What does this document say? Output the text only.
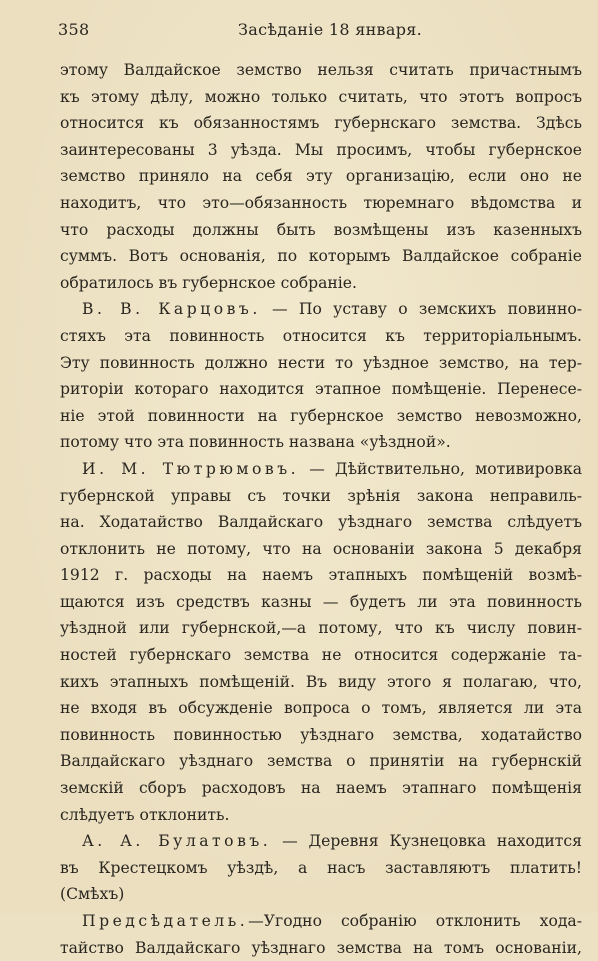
358	Засѣданіе 18 января.
этому Валдайское земство нельзя считать причастнымъ
къ этому дѣлу, можно только считать, что этотъ вопросъ
относится къ обязанностямъ губернскаго земства. Здѣсь
заинтересованы 3 уѣзда. Мы просимъ, чтобы губернское
земство приняло на себя эту организацію, если оно не
находитъ, что это—обязанность тюремнаго вѣдомства и
что расходы должны быть возмѣщены изъ казенныхъ
суммъ. Вотъ основанія, по которымъ Валдайское собраніе
обратилось въ губернское собраніе.
В. В. Карцовъ. — По уставу о земскихъ повинно-
стяхъ эта повинность относится къ территоріальнымъ.
Эту повинность должно нести то уѣздное земство, на тер-
риторіи котораго находится этапное помѣщеніе. Перенесе-
ніе этой повинности на губернское земство невозможно,
потому что эта повинность названа «уѣздной».
И. М. Тютрюмовъ. — Дѣйствительно, мотивировка
губернской управы съ точки зрѣнія закона неправиль-
на. Ходатайство Валдайскаго уѣзднаго земства слѣдуетъ
отклонить не потому, что на основаніи закона 5 декабря
1912 г. расходы на наемъ этапныхъ помѣщеній возмѣ-
щаются изъ средствъ казны — будетъ ли эта повинность
уѣздной или губернской,—а потому, что къ числу повин-
ностей губернскаго земства не относится содержаніе та-
кихъ этапныхъ помѣщеній. Въ виду этого я полагаю, что,
не входя въ обсужденіе вопроса о томъ, является ли эта
повинность повинностью уѣзднаго земства, ходатайство
Валдайскаго уѣзднаго земства о принятіи на губернскій
земскій сборъ расходовъ на наемъ этапнаго помѣщенія
слѣдуетъ отклонить.
А. А. Булатовъ. — Деревня Кузнецовка находится
въ Крестецкомъ уѣздѣ, а насъ заставляютъ платить!
(Смѣхъ)
Предсѣдатель.—Угодно собранію отклонить хода-
тайство Валдайскаго уѣзднаго земства на томъ основаніи,
